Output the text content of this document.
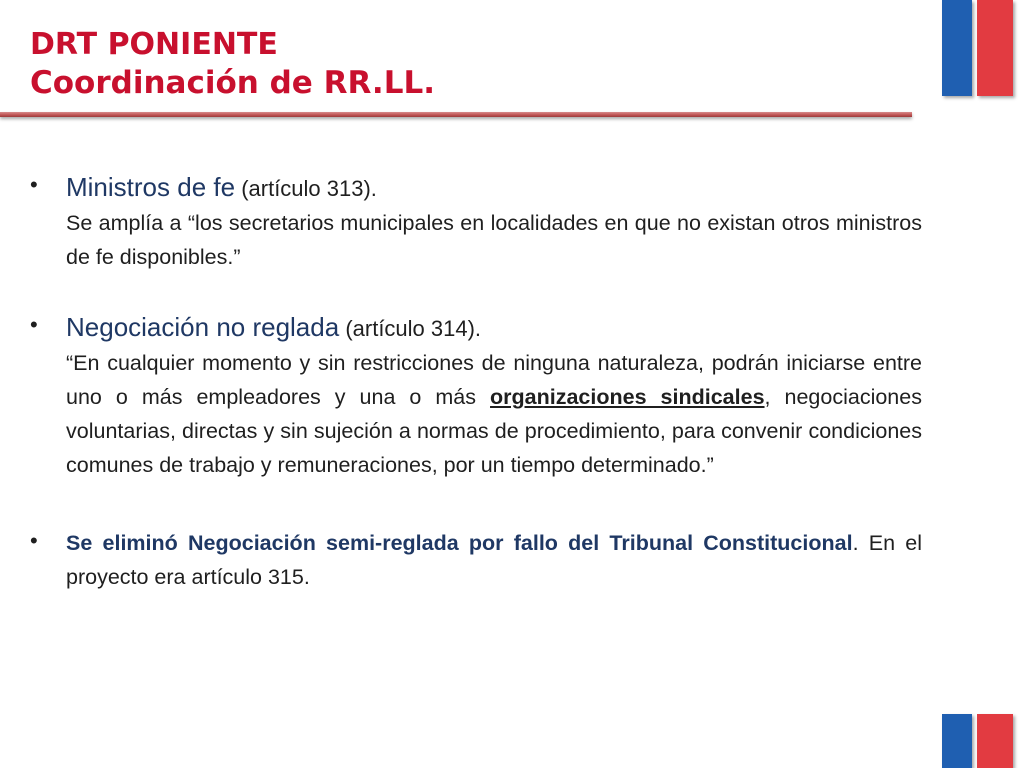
DRT PONIENTE
Coordinación de RR.LL.
• Ministros de fe (artículo 313).
Se amplía a “los secretarios municipales en localidades en que no existan otros ministros de fe disponibles.”
• Negociación no reglada (artículo 314).
“En cualquier momento y sin restricciones de ninguna naturaleza, podrán iniciarse entre uno o más empleadores y una o más organizaciones sindicales, negociaciones voluntarias, directas y sin sujeción a normas de procedimiento, para convenir condiciones comunes de trabajo y remuneraciones, por un tiempo determinado.”
• Se eliminó Negociación semi-reglada por fallo del Tribunal Constitucional. En el proyecto era artículo 315.
